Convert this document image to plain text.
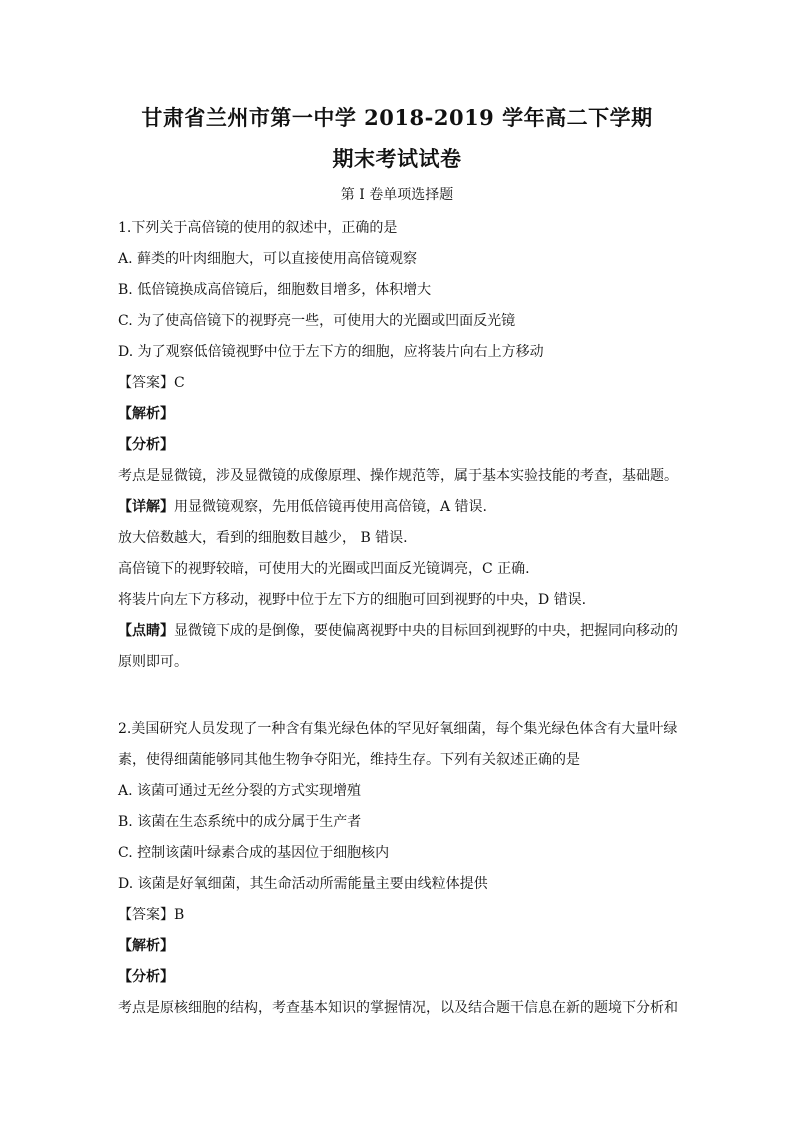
甘肃省兰州市第一中学 2018-2019 学年高二下学期
期末考试试卷
第 I 卷单项选择题
1.下列关于高倍镜的使用的叙述中，正确的是
A. 藓类的叶肉细胞大，可以直接使用高倍镜观察
B. 低倍镜换成高倍镜后，细胞数目增多，体积增大
C. 为了使高倍镜下的视野亮一些，可使用大的光圈或凹面反光镜
D. 为了观察低倍镜视野中位于左下方的细胞，应将装片向右上方移动
【答案】C
【解析】
【分析】
考点是显微镜，涉及显微镜的成像原理、操作规范等，属于基本实验技能的考查，基础题。
【详解】用显微镜观察，先用低倍镜再使用高倍镜，A 错误.
放大倍数越大，看到的细胞数目越少， B 错误.
高倍镜下的视野较暗，可使用大的光圈或凹面反光镜调亮，C 正确.
将装片向左下方移动，视野中位于左下方的细胞可回到视野的中央，D 错误.
【点睛】显微镜下成的是倒像，要使偏离视野中央的目标回到视野的中央，把握同向移动的
原则即可。
2.美国研究人员发现了一种含有集光绿色体的罕见好氧细菌，每个集光绿色体含有大量叶绿
素，使得细菌能够同其他生物争夺阳光，维持生存。下列有关叙述正确的是
A. 该菌可通过无丝分裂的方式实现增殖
B. 该菌在生态系统中的成分属于生产者
C. 控制该菌叶绿素合成的基因位于细胞核内
D. 该菌是好氧细菌，其生命活动所需能量主要由线粒体提供
【答案】B
【解析】
【分析】
考点是原核细胞的结构，考查基本知识的掌握情况，以及结合题干信息在新的题境下分析和
